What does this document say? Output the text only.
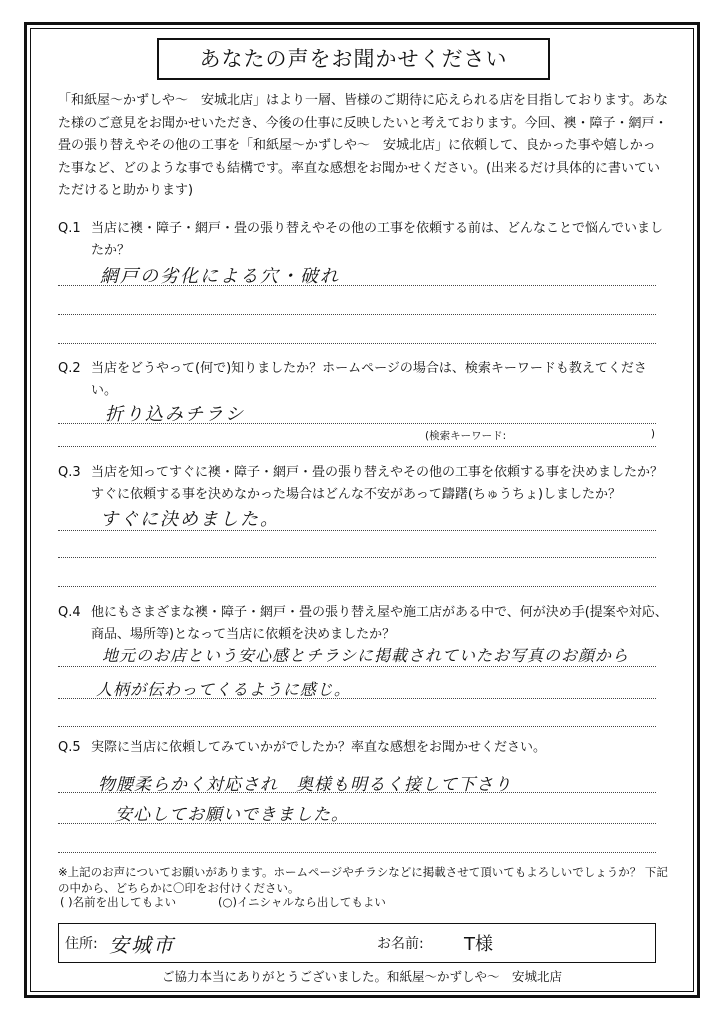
あなたの声をお聞かせください
「和紙屋～かずしや～　安城北店」はより一層、皆様のご期待に応えられる店を目指しております。あなた様のご意見をお聞かせいただき、今後の仕事に反映したいと考えております。今回、襖・障子・網戸・畳の張り替えやその他の工事を「和紙屋～かずしや～　安城北店」に依頼して、良かった事や嬉しかった事など、どのような事でも結構です。率直な感想をお聞かせください。(出来るだけ具体的に書いていただけると助かります)
Q.1 当店に襖・障子・網戸・畳の張り替えやその他の工事を依頼する前は、どんなことで悩んでいましたか？
網戸の劣化による穴・破れ
Q.2 当店をどうやって(何で)知りましたか？ホームページの場合は、検索キーワードも教えてください。
折り込みチラシ
(検索キーワード:	)
Q.3 当店を知ってすぐに襖・障子・網戸・畳の張り替えやその他の工事を依頼する事を決めましたか？すぐに依頼する事を決めなかった場合はどんな不安があって躊躇(ちゅうちょ)しましたか？
すぐに決めました。
Q.4 他にもさまざまな襖・障子・網戸・畳の張り替え屋や施工店がある中で、何が決め手(提案や対応、商品、場所等)となって当店に依頼を決めましたか？
地元のお店という安心感とチラシに掲載されていたお写真のお顔から
人柄が伝わってくるように感じ。
Q.5 実際に当店に依頼してみていかがでしたか？率直な感想をお聞かせください。
物腰柔らかく対応され　奥様も明るく接して下さり
安心してお願いできました。
※上記のお声についてお願いがあります。ホームページやチラシなどに掲載させて頂いてもよろしいでしょうか？ 下記の中から、どちらかに〇印をお付けください。
( )名前を出してもよい	(○)イニシャルなら出してもよい
住所: 安城市	お名前: T様
ご協力本当にありがとうございました。和紙屋～かずしや～　安城北店
